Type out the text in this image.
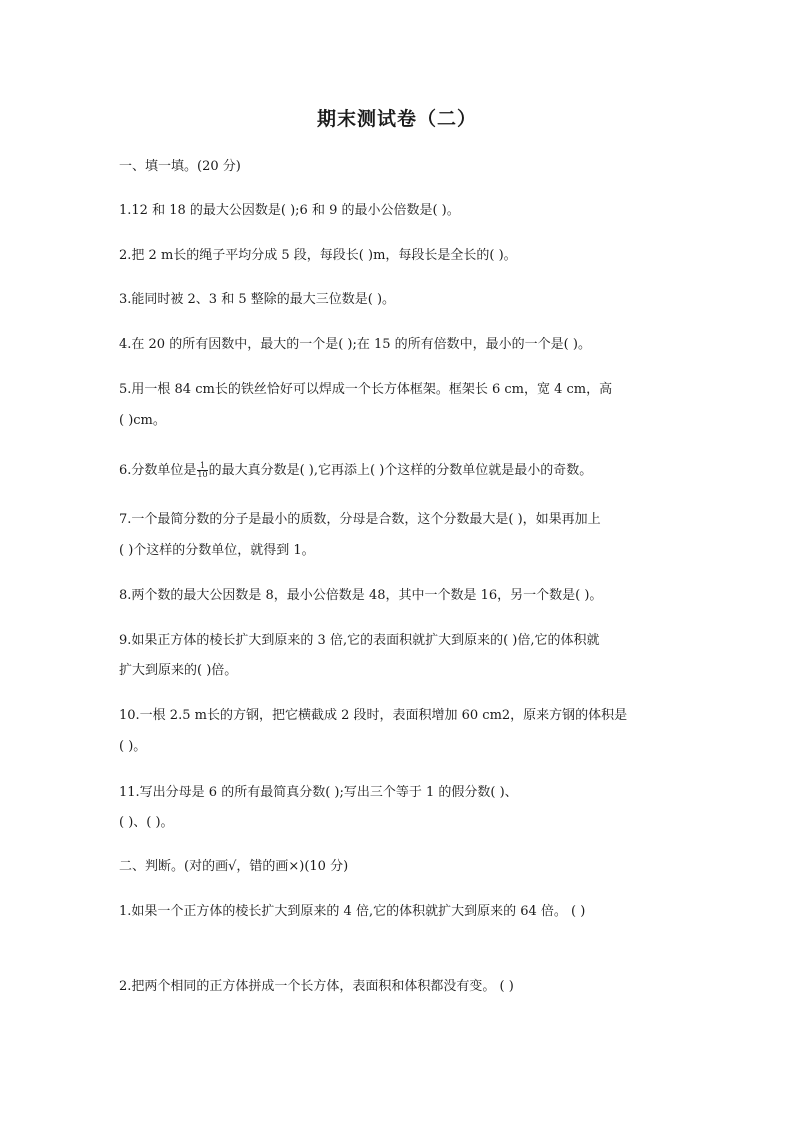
期末测试卷（二）
一、填一填。(20 分)
1.12 和 18 的最大公因数是( );6 和 9 的最小公倍数是( )。
2.把 2 m长的绳子平均分成 5 段，每段长( )m，每段长是全长的( )。
3.能同时被 2、3 和 5 整除的最大三位数是( )。
4.在 20 的所有因数中，最大的一个是( );在 15 的所有倍数中，最小的一个是( )。
5.用一根 84 cm长的铁丝恰好可以焊成一个长方体框架。框架长 6 cm，宽 4 cm，高
( )cm。
6.分数单位是 $\frac{1}{10}$ 的最大真分数是( ),它再添上( )个这样的分数单位就是最小的奇数。
7.一个最简分数的分子是最小的质数，分母是合数，这个分数最大是( )，如果再加上
( )个这样的分数单位，就得到 1。
8.两个数的最大公因数是 8，最小公倍数是 48，其中一个数是 16，另一个数是( )。
9.如果正方体的棱长扩大到原来的 3 倍,它的表面积就扩大到原来的( )倍,它的体积就
扩大到原来的( )倍。
10.一根 2.5 m长的方钢，把它横截成 2 段时，表面积增加 60 cm2，原来方钢的体积是
( )。
11.写出分母是 6 的所有最简真分数( );写出三个等于 1 的假分数( )、
( )、( )。
二、判断。(对的画√，错的画×)(10 分)
1.如果一个正方体的棱长扩大到原来的 4 倍,它的体积就扩大到原来的 64 倍。 ( )
2.把两个相同的正方体拼成一个长方体，表面积和体积都没有变。 ( )
